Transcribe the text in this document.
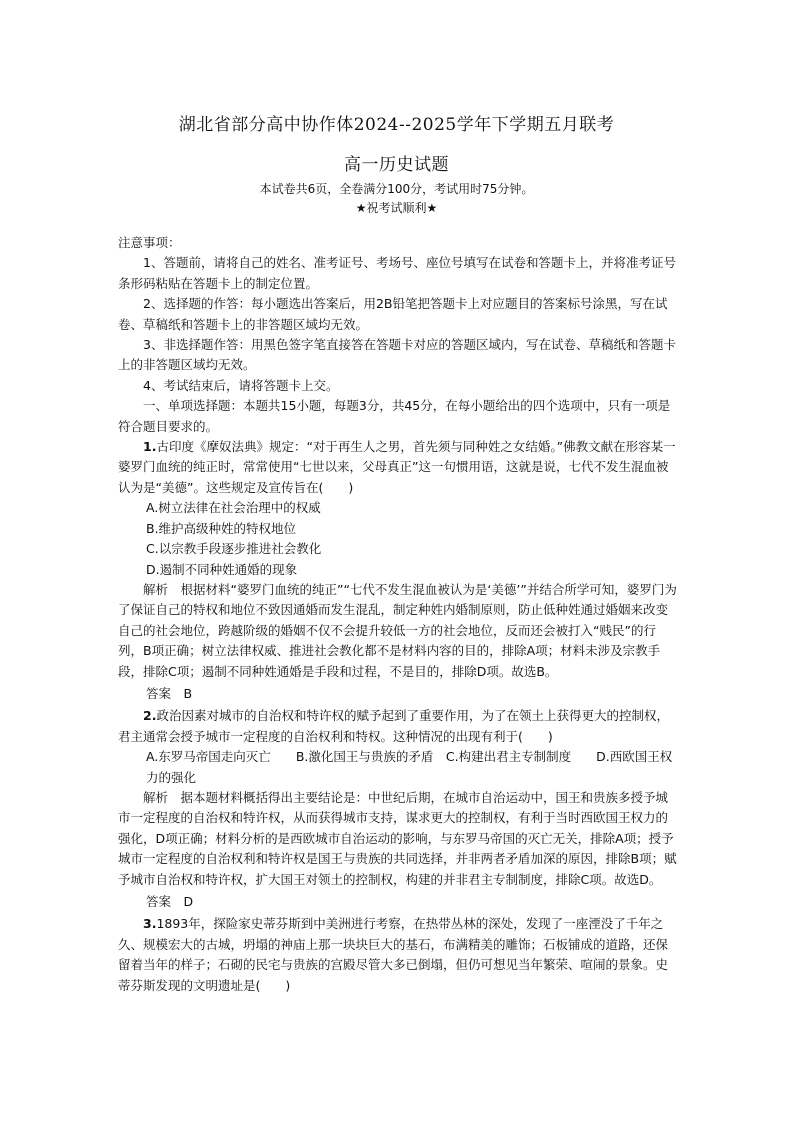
湖北省部分高中协作体2024--2025学年下学期五月联考
高一历史试题
本试卷共6页，全卷满分100分，考试用时75分钟。
★祝考试顺利★

注意事项：

1、答题前，请将自己的姓名、准考证号、考场号、座位号填写在试卷和答题卡上，并将准考证号条形码粘贴在答题卡上的制定位置。

2、选择题的作答：每小题选出答案后，用2B铅笔把答题卡上对应题目的答案标号涂黑，写在试卷、草稿纸和答题卡上的非答题区域均无效。

3、非选择题作答：用黑色签字笔直接答在答题卡对应的答题区域内，写在试卷、草稿纸和答题卡上的非答题区域均无效。

4、考试结束后，请将答题卡上交。

一、单项选择题：本题共15小题，每题3分，共45分，在每小题给出的四个选项中，只有一项是符合题目要求的。

1.古印度《摩奴法典》规定：“对于再生人之男，首先须与同种姓之女结婚。”佛教文献在形容某一婆罗门血统的纯正时，常常使用“七世以来，父母真正”这一句惯用语，这就是说，七代不发生混血被认为是“美德”。这些规定及宣传旨在(　　)

A.树立法律在社会治理中的权威

B.维护高级种姓的特权地位

C.以宗教手段逐步推进社会教化

D.遏制不同种姓通婚的现象

解析　根据材料“婆罗门血统的纯正”“七代不发生混血被认为是‘美德’”并结合所学可知，婆罗门为了保证自己的特权和地位不致因通婚而发生混乱，制定种姓内婚制原则，防止低种姓通过婚姻来改变自己的社会地位，跨越阶级的婚姻不仅不会提升较低一方的社会地位，反而还会被打入“贱民”的行列，B项正确；树立法律权威、推进社会教化都不是材料内容的目的，排除A项；材料未涉及宗教手段，排除C项；遏制不同种姓通婚是手段和过程，不是目的，排除D项。故选B。

答案　B

2.政治因素对城市的自治权和特许权的赋予起到了重要作用，为了在领土上获得更大的控制权，君主通常会授予城市一定程度的自治权利和特权。这种情况的出现有利于(　　)

A.东罗马帝国走向灭亡　　 B.激化国王与贵族的矛盾　 C.构建出君主专制制度　　 D.西欧国王权力的强化

解析　据本题材料概括得出主要结论是：中世纪后期，在城市自治运动中，国王和贵族多授予城市一定程度的自治权和特许权，从而获得城市支持，谋求更大的控制权，有利于当时西欧国王权力的强化，D项正确；材料分析的是西欧城市自治运动的影响，与东罗马帝国的灭亡无关，排除A项；授予城市一定程度的自治权利和特许权是国王与贵族的共同选择，并非两者矛盾加深的原因，排除B项；赋予城市自治权和特许权，扩大国王对领土的控制权，构建的并非君主专制制度，排除C项。故选D。

答案　D

3.1893年，探险家史蒂芬斯到中美洲进行考察，在热带丛林的深处，发现了一座湮没了千年之久、规模宏大的古城，坍塌的神庙上那一块块巨大的基石，布满精美的雕饰；石板铺成的道路，还保留着当年的样子；石砌的民宅与贵族的宫殿尽管大多已倒塌，但仍可想见当年繁荣、喧闹的景象。史蒂芬斯发现的文明遗址是(　　)
